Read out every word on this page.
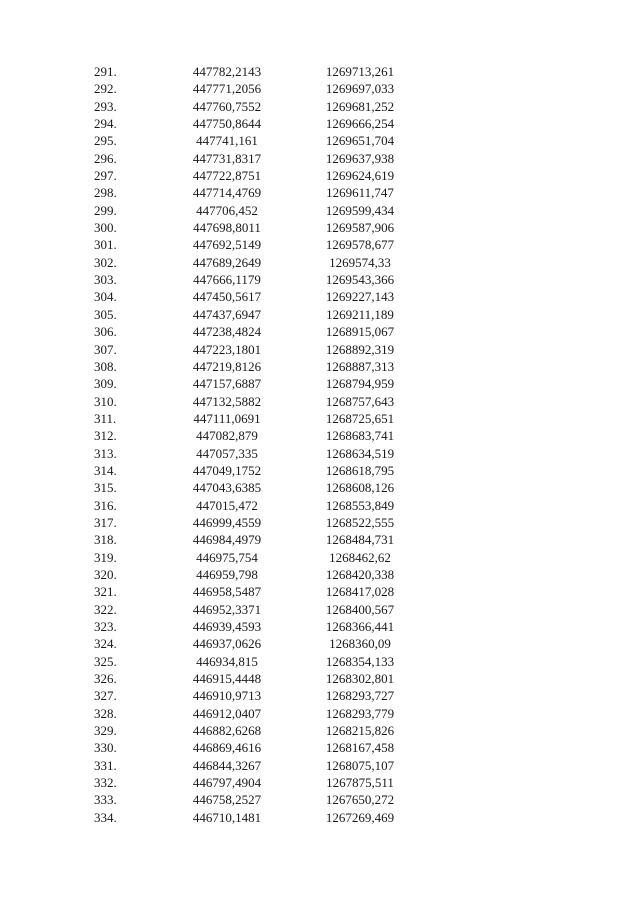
291.	447782,2143	1269713,261
292.	447771,2056	1269697,033
293.	447760,7552	1269681,252
294.	447750,8644	1269666,254
295.	447741,161	1269651,704
296.	447731,8317	1269637,938
297.	447722,8751	1269624,619
298.	447714,4769	1269611,747
299.	447706,452	1269599,434
300.	447698,8011	1269587,906
301.	447692,5149	1269578,677
302.	447689,2649	1269574,33
303.	447666,1179	1269543,366
304.	447450,5617	1269227,143
305.	447437,6947	1269211,189
306.	447238,4824	1268915,067
307.	447223,1801	1268892,319
308.	447219,8126	1268887,313
309.	447157,6887	1268794,959
310.	447132,5882	1268757,643
311.	447111,0691	1268725,651
312.	447082,879	1268683,741
313.	447057,335	1268634,519
314.	447049,1752	1268618,795
315.	447043,6385	1268608,126
316.	447015,472	1268553,849
317.	446999,4559	1268522,555
318.	446984,4979	1268484,731
319.	446975,754	1268462,62
320.	446959,798	1268420,338
321.	446958,5487	1268417,028
322.	446952,3371	1268400,567
323.	446939,4593	1268366,441
324.	446937,0626	1268360,09
325.	446934,815	1268354,133
326.	446915,4448	1268302,801
327.	446910,9713	1268293,727
328.	446912,0407	1268293,779
329.	446882,6268	1268215,826
330.	446869,4616	1268167,458
331.	446844,3267	1268075,107
332.	446797,4904	1267875,511
333.	446758,2527	1267650,272
334.	446710,1481	1267269,469
